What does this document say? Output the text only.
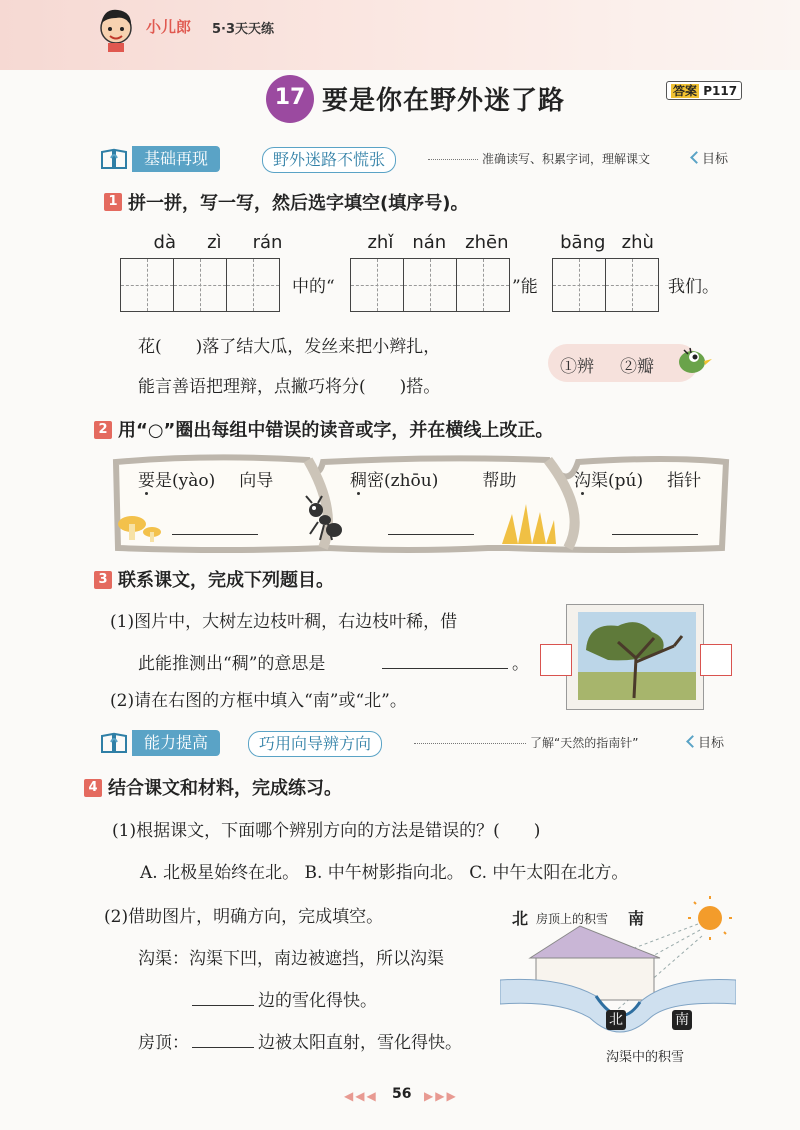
小儿郎 5·3天天练
17 要是你在野外迷了路	答案 P117
基础再现	野外迷路不慌张	准确读写、积累字词，理解课文	目标
1 拼一拼，写一写，然后选字填空(填序号)。
dà zì rán	zhǐ nán zhēn	bāng zhù
中的“	”能	我们。
花(　　)落了结大瓜，发丝来把小辫扎，
能言善语把理辩，点撇巧将分(　　)搭。
①辨 ②瓣
2 用“○”圈出每组中错误的读音或字，并在横线上改正。
要是(yào) 向导	稠密(zhōu)	帮助	沟渠(pú) 指针
3 联系课文，完成下列题目。
(1)图片中，大树左边枝叶稠，右边枝叶稀，借
此能推测出“稠”的意思是	。
(2)请在右图的方框中填入“南”或“北”。
能力提高	巧用向导辨方向	了解“天然的指南针”	目标
4 结合课文和材料，完成练习。
(1)根据课文，下面哪个辨别方向的方法是错误的？(　　)
A. 北极星始终在北。 B. 中午树影指向北。 C. 中午太阳在北方。
(2)借助图片，明确方向，完成填空。
沟渠：沟渠下凹，南边被遮挡，所以沟渠
边的雪化得快。
房顶：	边被太阳直射，雪化得快。
北 房顶上的积雪 南
北	南
沟渠中的积雪
◀◀◀ 56 ▶▶▶
